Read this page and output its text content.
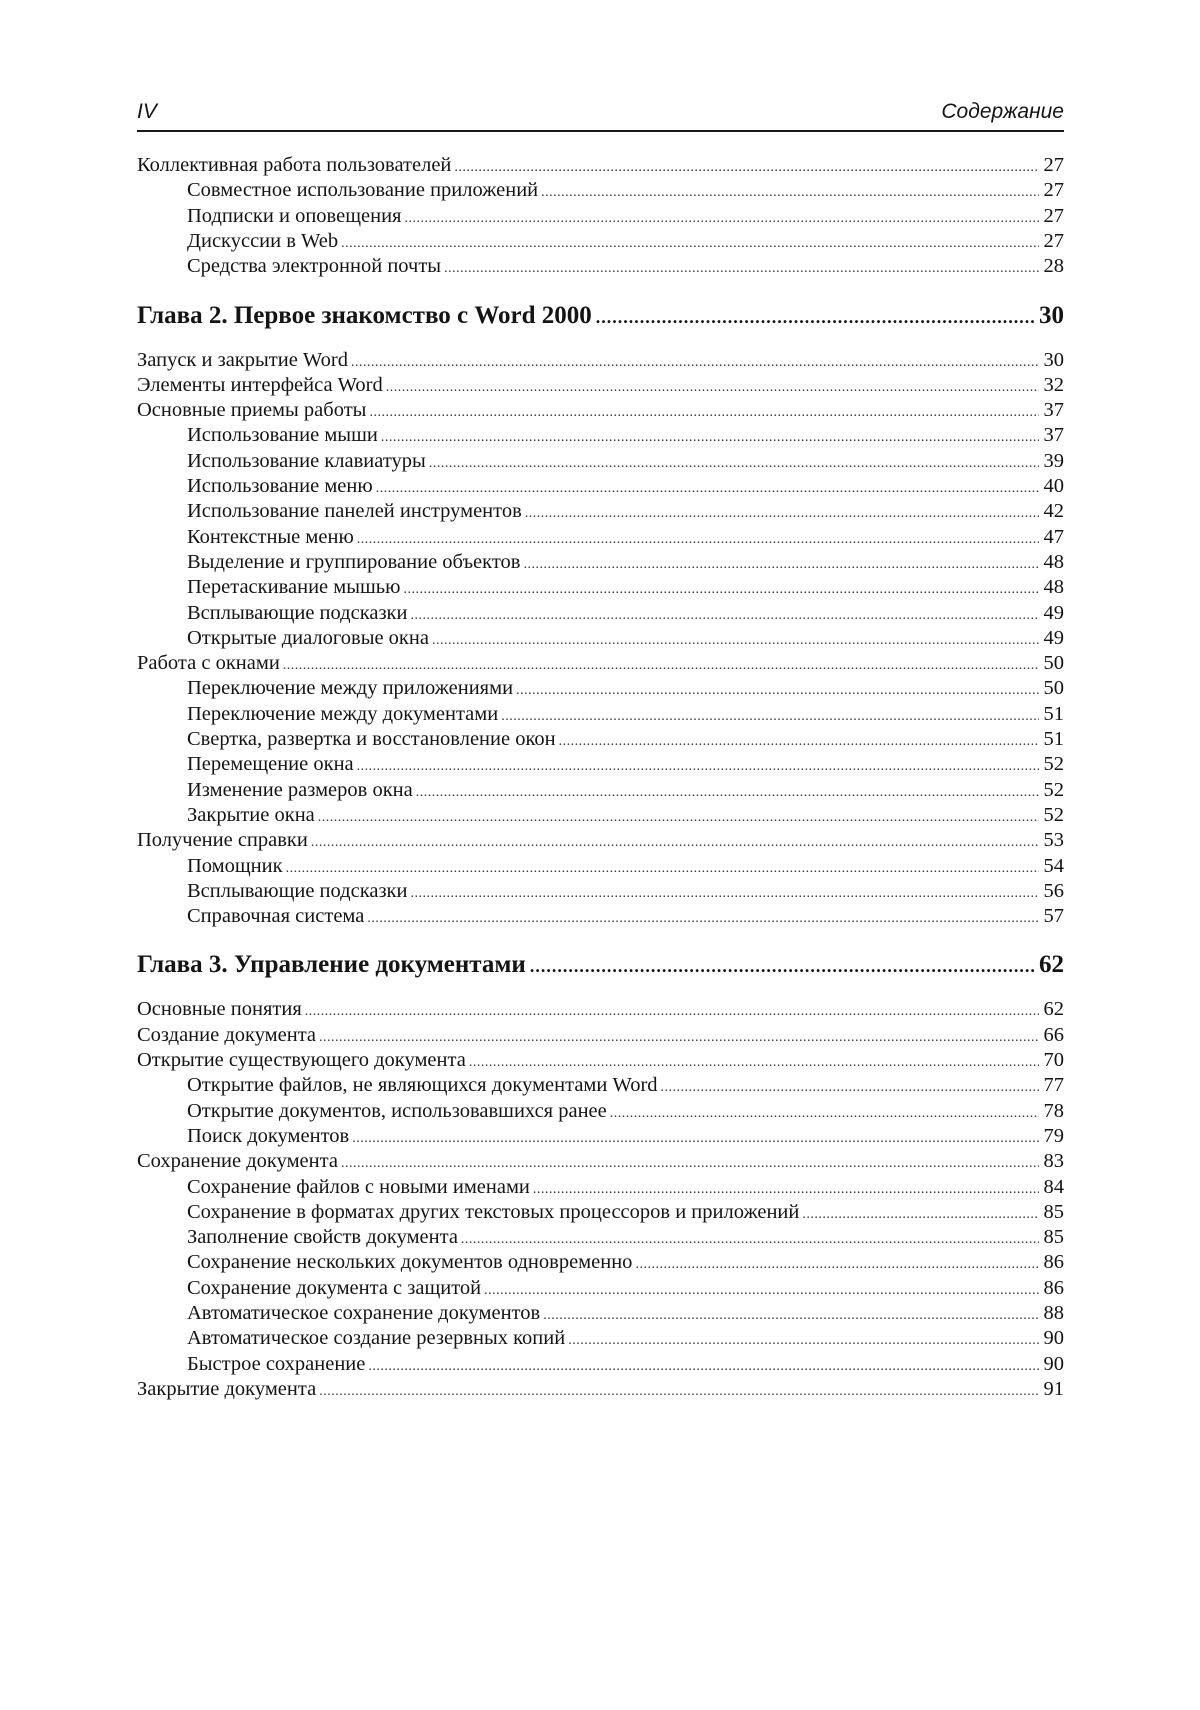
IV	Содержание
Коллективная работа пользователей .....	27
Совместное использование приложений .....	27
Подписки и оповещения .....	27
Дискуссии в Web .....	27
Средства электронной почты .....	28
Глава 2. Первое знакомство с Word 2000 .....	30
Запуск и закрытие Word .....	30
Элементы интерфейса Word .....	32
Основные приемы работы .....	37
Использование мыши .....	37
Использование клавиатуры .....	39
Использование меню .....	40
Использование панелей инструментов .....	42
Контекстные меню .....	47
Выделение и группирование объектов .....	48
Перетаскивание мышью .....	48
Всплывающие подсказки .....	49
Открытые диалоговые окна .....	49
Работа с окнами .....	50
Переключение между приложениями .....	50
Переключение между документами .....	51
Свертка, развертка и восстановление окон .....	51
Перемещение окна .....	52
Изменение размеров окна .....	52
Закрытие окна .....	52
Получение справки .....	53
Помощник .....	54
Всплывающие подсказки .....	56
Справочная система .....	57
Глава 3. Управление документами .....	62
Основные понятия .....	62
Создание документа .....	66
Открытие существующего документа .....	70
Открытие файлов, не являющихся документами Word .....	77
Открытие документов, использовавшихся ранее .....	78
Поиск документов .....	79
Сохранение документа .....	83
Сохранение файлов с новыми именами .....	84
Сохранение в форматах других текстовых процессоров и приложений .....	85
Заполнение свойств документа .....	85
Сохранение нескольких документов одновременно .....	86
Сохранение документа с защитой .....	86
Автоматическое сохранение документов .....	88
Автоматическое создание резервных копий .....	90
Быстрое сохранение .....	90
Закрытие документа .....	91
